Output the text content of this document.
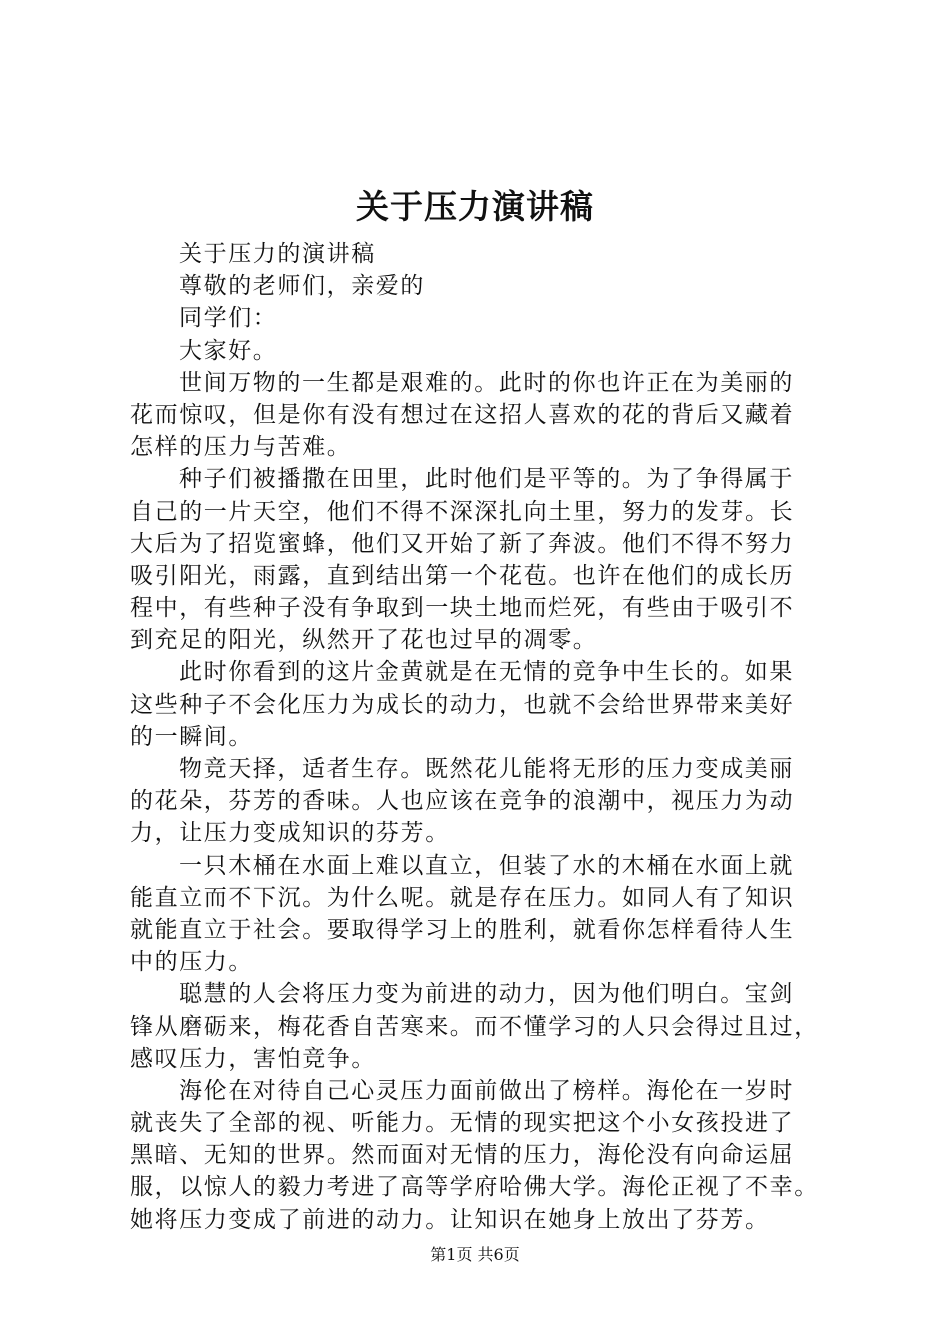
关于压力演讲稿
关于压力的演讲稿
尊敬的老师们，亲爱的
同学们：
大家好。
世间万物的一生都是艰难的。此时的你也许正在为美丽的
花而惊叹，但是你有没有想过在这招人喜欢的花的背后又藏着
怎样的压力与苦难。
种子们被播撒在田里，此时他们是平等的。为了争得属于
自己的一片天空，他们不得不深深扎向土里，努力的发芽。长
大后为了招览蜜蜂，他们又开始了新了奔波。他们不得不努力
吸引阳光，雨露，直到结出第一个花苞。也许在他们的成长历
程中，有些种子没有争取到一块土地而烂死，有些由于吸引不
到充足的阳光，纵然开了花也过早的凋零。
此时你看到的这片金黄就是在无情的竞争中生长的。如果
这些种子不会化压力为成长的动力，也就不会给世界带来美好
的一瞬间。
物竞天择，适者生存。既然花儿能将无形的压力变成美丽
的花朵，芬芳的香味。人也应该在竞争的浪潮中，视压力为动
力，让压力变成知识的芬芳。
一只木桶在水面上难以直立，但装了水的木桶在水面上就
能直立而不下沉。为什么呢。就是存在压力。如同人有了知识
就能直立于社会。要取得学习上的胜利，就看你怎样看待人生
中的压力。
聪慧的人会将压力变为前进的动力，因为他们明白。宝剑
锋从磨砺来，梅花香自苦寒来。而不懂学习的人只会得过且过，
感叹压力，害怕竞争。
海伦在对待自己心灵压力面前做出了榜样。海伦在一岁时
就丧失了全部的视、听能力。无情的现实把这个小女孩投进了
黑暗、无知的世界。然而面对无情的压力，海伦没有向命运屈
服，以惊人的毅力考进了高等学府哈佛大学。海伦正视了不幸。
她将压力变成了前进的动力。让知识在她身上放出了芬芳。
第1页 共6页
